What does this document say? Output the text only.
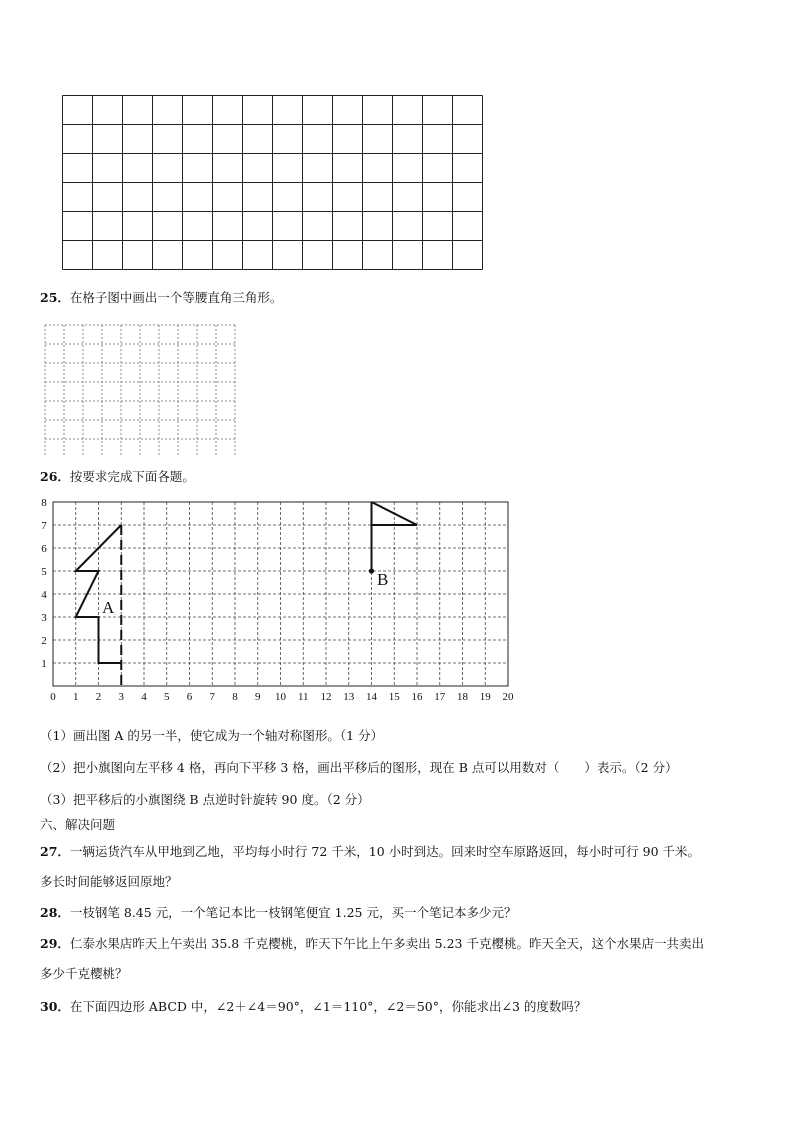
25．在格子图中画出一个等腰直角三角形。
26．按要求完成下面各题。
0 1 2 3 4 5 6 7 8 9 10 11 12 13 14 15 16 17 18 19 20
1
2
3
4
5
6
7
8
A
B
（1）画出图 A 的另一半，使它成为一个轴对称图形。（1 分）
（2）把小旗图向左平移 4 格，再向下平移 3 格，画出平移后的图形，现在 B 点可以用数对（　　）表示。（2 分）
（3）把平移后的小旗图绕 B 点逆时针旋转 90 度。（2 分）
六、解决问题
27．一辆运货汽车从甲地到乙地，平均每小时行 72 千米，10 小时到达。回来时空车原路返回，每小时可行 90 千米。
多长时间能够返回原地？
28．一枝钢笔 8.45 元，一个笔记本比一枝钢笔便宜 1.25 元，买一个笔记本多少元？
29．仁泰水果店昨天上午卖出 35.8 千克樱桃，昨天下午比上午多卖出 5.23 千克樱桃。昨天全天，这个水果店一共卖出
多少千克樱桃？
30．在下面四边形 ABCD 中，∠2＋∠4＝90°，∠1＝110°，∠2＝50°，你能求出∠3 的度数吗？
